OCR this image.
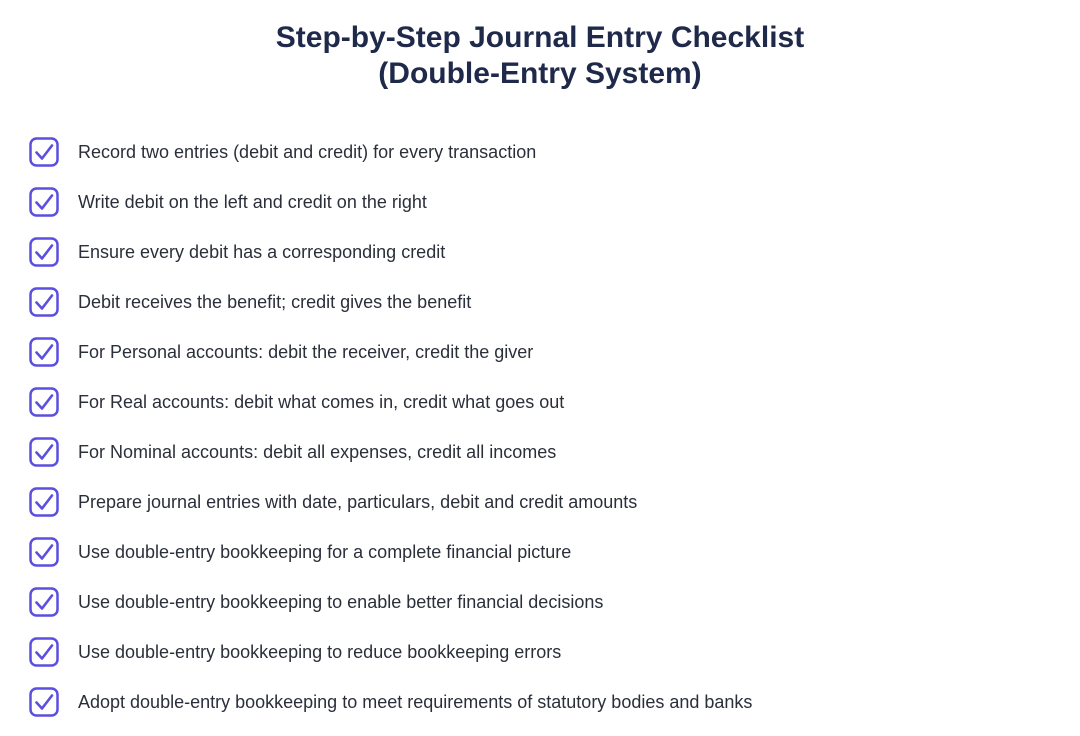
Step-by-Step Journal Entry Checklist
(Double-Entry System)
Record two entries (debit and credit) for every transaction
Write debit on the left and credit on the right
Ensure every debit has a corresponding credit
Debit receives the benefit; credit gives the benefit
For Personal accounts: debit the receiver, credit the giver
For Real accounts: debit what comes in, credit what goes out
For Nominal accounts: debit all expenses, credit all incomes
Prepare journal entries with date, particulars, debit and credit amounts
Use double-entry bookkeeping for a complete financial picture
Use double-entry bookkeeping to enable better financial decisions
Use double-entry bookkeeping to reduce bookkeeping errors
Adopt double-entry bookkeeping to meet requirements of statutory bodies and banks
